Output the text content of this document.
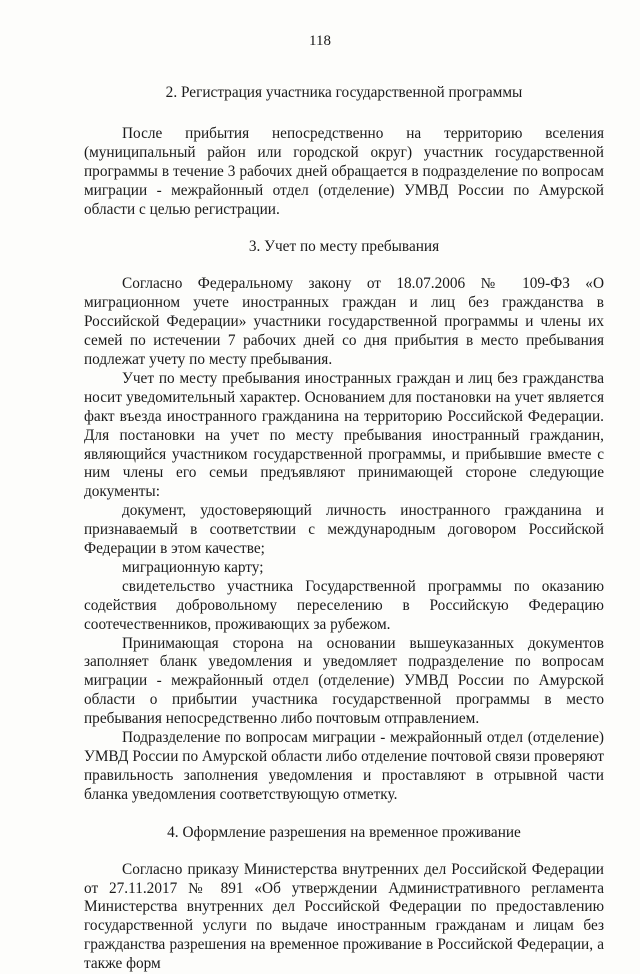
118

2. Регистрация участника государственной программы

После прибытия непосредственно на территорию вселения (муниципальный район или городской округ) участник государственной программы в течение 3 рабочих дней обращается в подразделение по вопросам миграции - межрайонный отдел (отделение) УМВД России по Амурской области с целью регистрации.

3. Учет по месту пребывания

Согласно Федеральному закону от 18.07.2006 № 109-ФЗ «О миграционном учете иностранных граждан и лиц без гражданства в Российской Федерации» участники государственной программы и члены их семей по истечении 7 рабочих дней со дня прибытия в место пребывания подлежат учету по месту пребывания.

Учет по месту пребывания иностранных граждан и лиц без гражданства носит уведомительный характер. Основанием для постановки на учет является факт въезда иностранного гражданина на территорию Российской Федерации. Для постановки на учет по месту пребывания иностранный гражданин, являющийся участником государственной программы, и прибывшие вместе с ним члены его семьи предъявляют принимающей стороне следующие документы:

документ, удостоверяющий личность иностранного гражданина и признаваемый в соответствии с международным договором Российской Федерации в этом качестве;

миграционную карту;

свидетельство участника Государственной программы по оказанию содействия добровольному переселению в Российскую Федерацию соотечественников, проживающих за рубежом.

Принимающая сторона на основании вышеуказанных документов заполняет бланк уведомления и уведомляет подразделение по вопросам миграции - межрайонный отдел (отделение) УМВД России по Амурской области о прибытии участника государственной программы в место пребывания непосредственно либо почтовым отправлением.

Подразделение по вопросам миграции - межрайонный отдел (отделение) УМВД России по Амурской области либо отделение почтовой связи проверяют правильность заполнения уведомления и проставляют в отрывной части бланка уведомления соответствующую отметку.

4. Оформление разрешения на временное проживание

Согласно приказу Министерства внутренних дел Российской Федерации от 27.11.2017 № 891 «Об утверждении Административного регламента Министерства внутренних дел Российской Федерации по предоставлению государственной услуги по выдаче иностранным гражданам и лицам без гражданства разрешения на временное проживание в Российской Федерации, а также форм
